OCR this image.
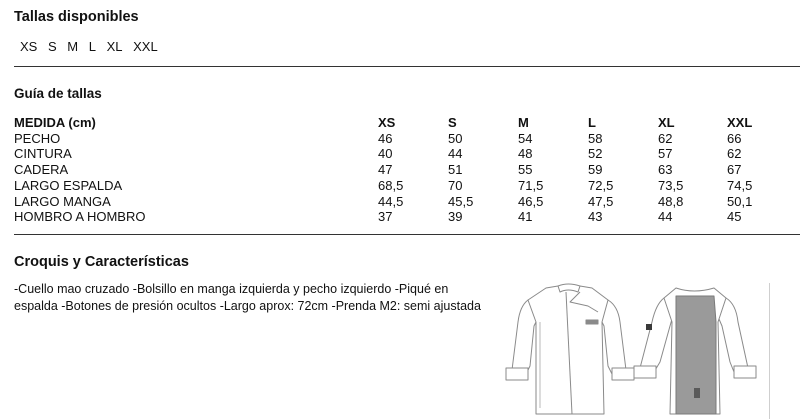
Tallas disponibles
XS S M L XL XXL
Guía de tallas
MEDIDA (cm)	XS	S	M	L	XL	XXL
PECHO	46	50	54	58	62	66
CINTURA	40	44	48	52	57	62
CADERA	47	51	55	59	63	67
LARGO ESPALDA	68,5	70	71,5	72,5	73,5	74,5
LARGO MANGA	44,5	45,5	46,5	47,5	48,8	50,1
HOMBRO A HOMBRO	37	39	41	43	44	45
Croquis y Características
-Cuello mao cruzado -Bolsillo en manga izquierda y pecho izquierdo -Piqué en espalda -Botones de presión ocultos -Largo aprox: 72cm -Prenda M2: semi ajustada
